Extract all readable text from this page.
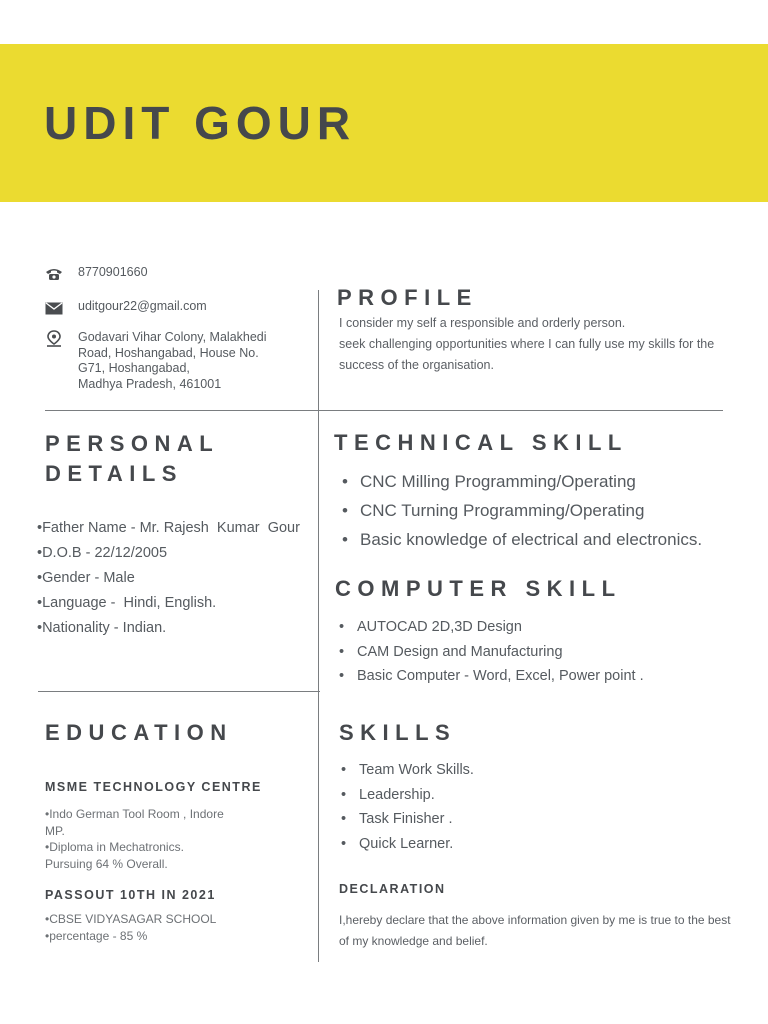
UDIT GOUR
8770901660
uditgour22@gmail.com
Godavari Vihar Colony, Malakhedi
Road, Hoshangabad, House No.
G71, Hoshangabad,
Madhya Pradesh, 461001
PROFILE
I consider my self a responsible and orderly person.
seek challenging opportunities where I can fully use my skills for the success of the organisation.
PERSONAL
DETAILS
•Father Name - Mr. Rajesh  Kumar  Gour
•D.O.B - 22/12/2005
•Gender - Male
•Language -  Hindi, English.
•Nationality - Indian.
TECHNICAL SKILL
• CNC Milling Programming/Operating
• CNC Turning Programming/Operating
• Basic knowledge of electrical and electronics.
COMPUTER SKILL
• AUTOCAD 2D,3D Design
• CAM Design and Manufacturing
• Basic Computer - Word, Excel, Power point .
EDUCATION
MSME TECHNOLOGY CENTRE
•Indo German Tool Room , Indore
MP.
•Diploma in Mechatronics.
Pursuing 64 % Overall.
PASSOUT 10TH IN 2021
•CBSE VIDYASAGAR SCHOOL
•percentage - 85 %
SKILLS
• Team Work Skills.
• Leadership.
• Task Finisher .
• Quick Learner.
DECLARATION
I,hereby declare that the above information given by me is true to the best of my knowledge and belief.
